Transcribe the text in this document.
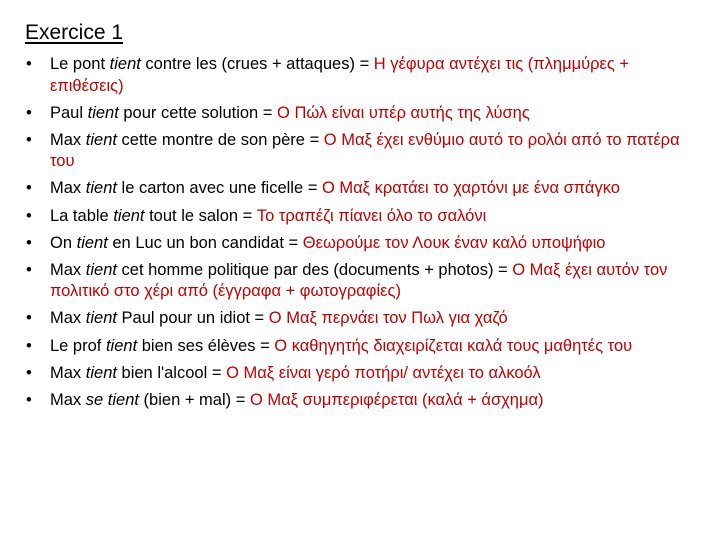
Exercice 1
• Le pont tient contre les (crues + attaques) = Η γέφυρα αντέχει τις (πλημμύρες + επιθέσεις)
• Paul tient pour cette solution = Ο Πώλ είναι υπέρ αυτής της λύσης
• Max tient cette montre de son père = Ο Μαξ έχει ενθύμιο αυτό το ρολόι από το πατέρα του
• Max tient le carton avec une ficelle = Ο Μαξ κρατάει το χαρτόνι με ένα σπάγκο
• La table tient tout le salon = Το τραπέζι πίανει όλο το σαλόνι
• On tient en Luc un bon candidat = Θεωρούμε τον Λουκ έναν καλό υποψήφιο
• Max tient cet homme politique par des (documents + photos) = Ο Μαξ έχει αυτόν τον πολιτικό στο χέρι από (έγγραφα + φωτογραφίες)
• Max tient Paul pour un idiot = Ο Μαξ περνάει τον Πωλ για χαζό
• Le prof tient bien ses élèves = Ο καθηγητής διαχειρίζεται καλά τους μαθητές του
• Max tient bien l'alcool = Ο Μαξ είναι γερό ποτήρι/ αντέχει το αλκοόλ
• Max se tient (bien + mal) = Ο Μαξ συμπεριφέρεται (καλά + άσχημα)
